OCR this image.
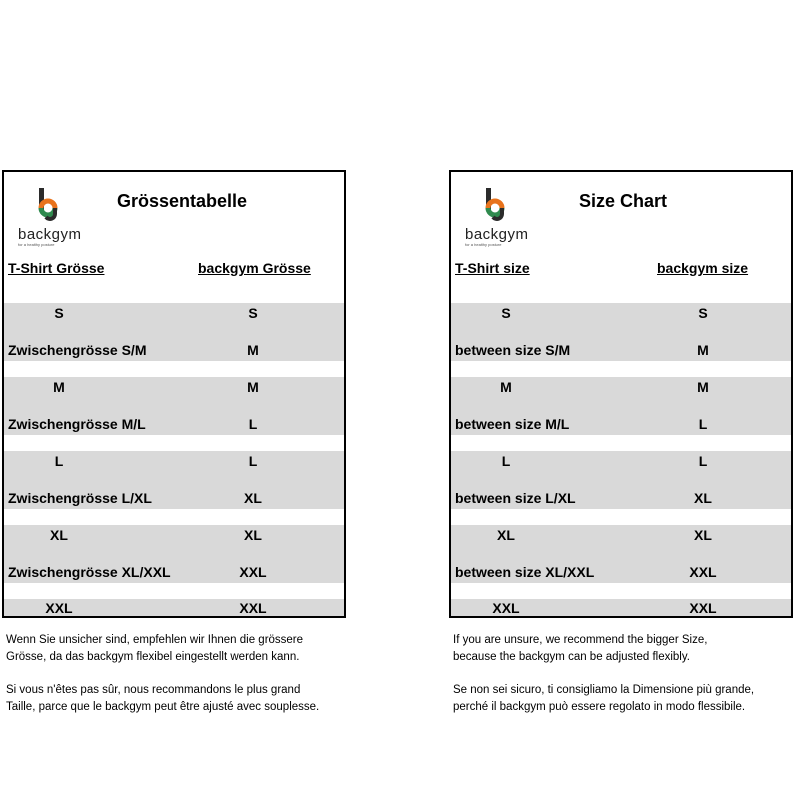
backgym
for a healthy posture
Grössentabelle
T-Shirt Grösse	backgym Grösse
S	S
Zwischengrösse S/M	M
M	M
Zwischengrösse M/L	L
L	L
Zwischengrösse L/XL	XL
XL	XL
Zwischengrösse XL/XXL	XXL
XXL	XXL
backgym
for a healthy posture
Size Chart
T-Shirt size	backgym size
S	S
between size S/M	M
M	M
between size M/L	L
L	L
between size L/XL	XL
XL	XL
between size XL/XXL	XXL
XXL	XXL
Wenn Sie unsicher sind, empfehlen wir Ihnen die grössere
Grösse, da das backgym flexibel eingestellt werden kann.
Si vous n'êtes pas sûr, nous recommandons le plus grand
Taille, parce que le backgym peut être ajusté avec souplesse.
If you are unsure, we recommend the bigger Size,
because the backgym can be adjusted flexibly.
Se non sei sicuro, ti consigliamo la Dimensione più grande,
perché il backgym può essere regolato in modo flessibile.
